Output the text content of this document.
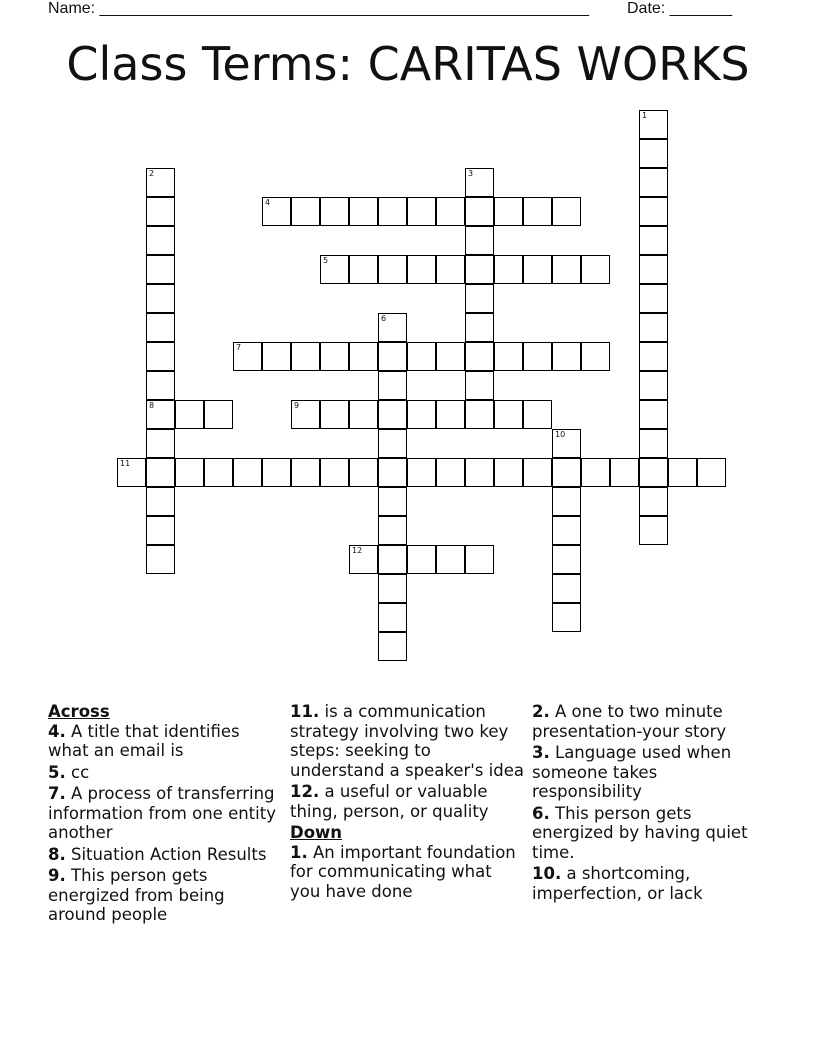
Name: _______________________________________________________ Date: _______
Class Terms: CARITAS WORKS
1
2
8
3
4
5
6
7
9
10
11
12

Across

4. A title that identifies what an email is

5. cc

7. A process of transferring information from one entity another

8. Situation Action Results

9. This person gets energized from being around people

11. is a communication strategy involving two key steps: seeking to understand a speaker's idea

12. a useful or valuable thing, person, or quality

Down

1. An important foundation for communicating what you have done

2. A one to two minute presentation-your story

3. Language used when someone takes responsibility

6. This person gets energized by having quiet time.

10. a shortcoming, imperfection, or lack
